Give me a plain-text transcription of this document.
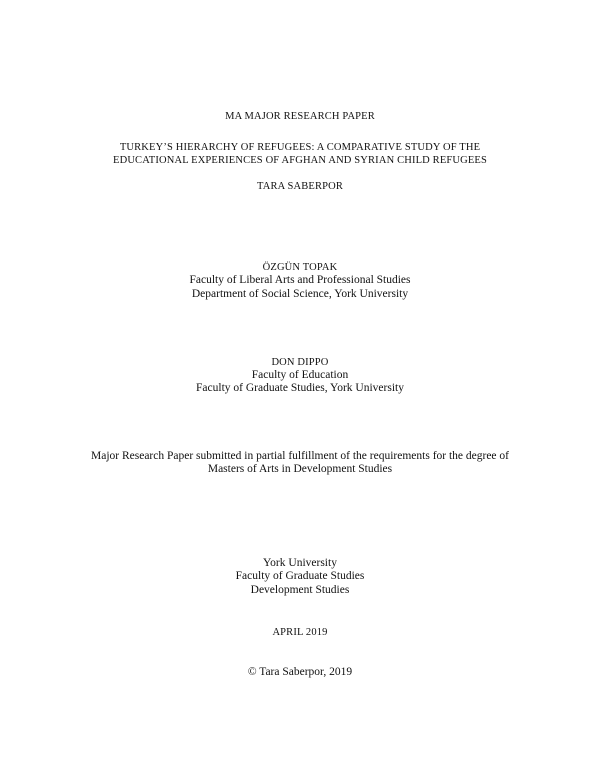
MA MAJOR RESEARCH PAPER
TURKEY’S HIERARCHY OF REFUGEES: A COMPARATIVE STUDY OF THE
EDUCATIONAL EXPERIENCES OF AFGHAN AND SYRIAN CHILD REFUGEES
TARA SABERPOR
ÖZGÜN TOPAK
Faculty of Liberal Arts and Professional Studies
Department of Social Science, York University
DON DIPPO
Faculty of Education
Faculty of Graduate Studies, York University
Major Research Paper submitted in partial fulfillment of the requirements for the degree of
Masters of Arts in Development Studies
York University
Faculty of Graduate Studies
Development Studies
APRIL 2019
© Tara Saberpor, 2019
